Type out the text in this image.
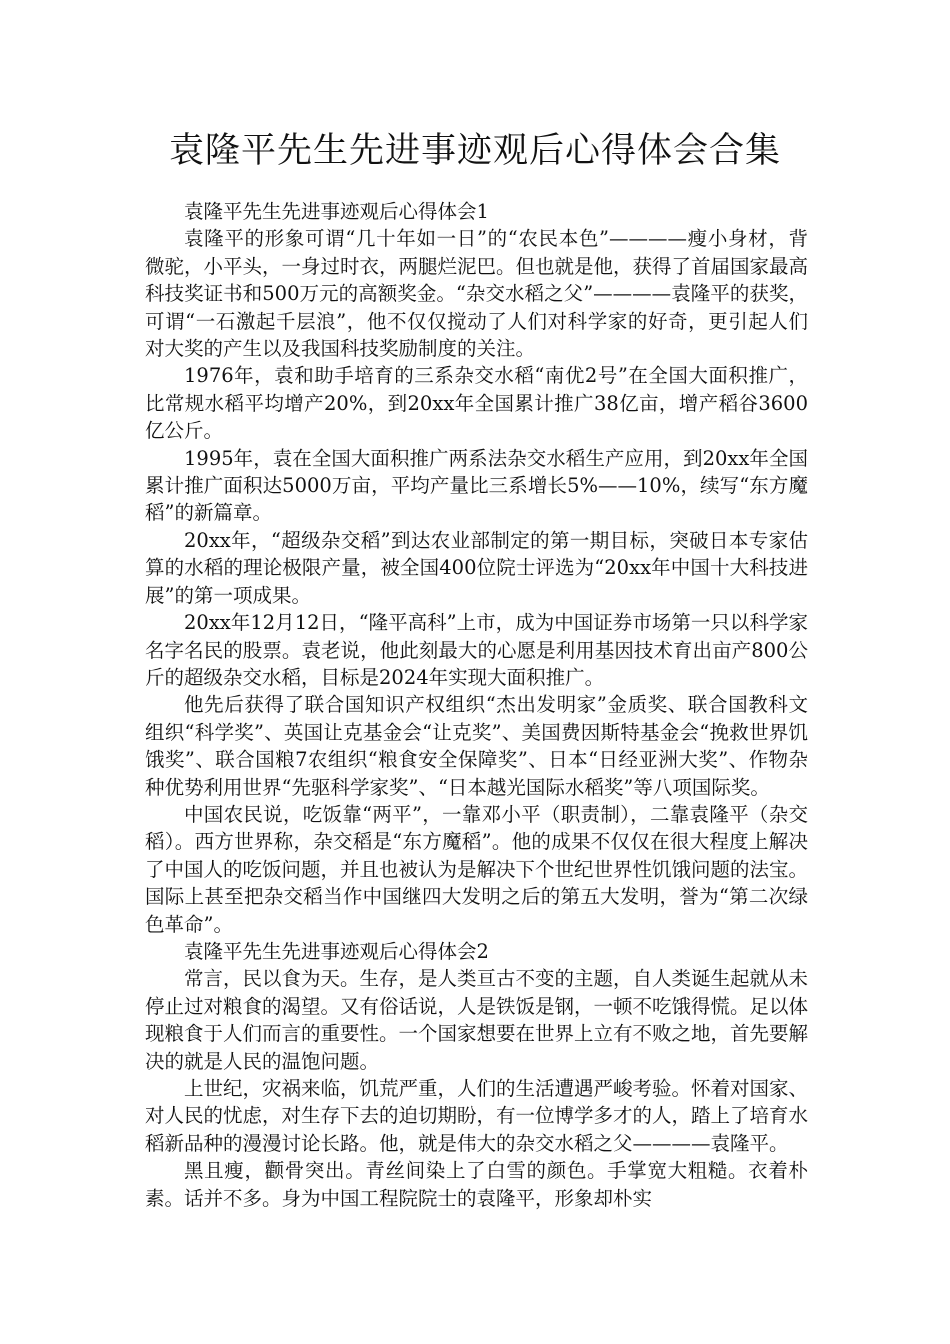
袁隆平先生先进事迹观后心得体会合集

袁隆平先生先进事迹观后心得体会1

袁隆平的形象可谓“几十年如一日”的“农民本色”————瘦小身材，背微驼，小平头，一身过时衣，两腿烂泥巴。但也就是他，获得了首届国家最高科技奖证书和500万元的高额奖金。“杂交水稻之父”————袁隆平的获奖，可谓“一石激起千层浪”，他不仅仅搅动了人们对科学家的好奇，更引起人们对大奖的产生以及我国科技奖励制度的关注。

1976年，袁和助手培育的三系杂交水稻“南优2号”在全国大面积推广，比常规水稻平均增产20%，到20xx年全国累计推广38亿亩，增产稻谷3600亿公斤。

1995年，袁在全国大面积推广两系法杂交水稻生产应用，到20xx年全国累计推广面积达5000万亩，平均产量比三系增长5%——10%，续写“东方魔稻”的新篇章。

20xx年，“超级杂交稻”到达农业部制定的第一期目标，突破日本专家估算的水稻的理论极限产量，被全国400位院士评选为“20xx年中国十大科技进展”的第一项成果。

20xx年12月12日，“隆平高科”上市，成为中国证券市场第一只以科学家名字名民的股票。袁老说，他此刻最大的心愿是利用基因技术育出亩产800公斤的超级杂交水稻，目标是2024年实现大面积推广。

他先后获得了联合国知识产权组织“杰出发明家”金质奖、联合国教科文组织“科学奖”、英国让克基金会“让克奖”、美国费因斯特基金会“挽救世界饥饿奖”、联合国粮7农组织“粮食安全保障奖”、日本“日经亚洲大奖”、作物杂种优势利用世界“先驱科学家奖”、“日本越光国际水稻奖”等八项国际奖。

中国农民说，吃饭靠“两平”，一靠邓小平（职责制），二靠袁隆平（杂交稻）。西方世界称，杂交稻是“东方魔稻”。他的成果不仅仅在很大程度上解决了中国人的吃饭问题，并且也被认为是解决下个世纪世界性饥饿问题的法宝。国际上甚至把杂交稻当作中国继四大发明之后的第五大发明，誉为“第二次绿色革命”。

袁隆平先生先进事迹观后心得体会2

常言，民以食为天。生存，是人类亘古不变的主题，自人类诞生起就从未停止过对粮食的渴望。又有俗话说，人是铁饭是钢，一顿不吃饿得慌。足以体现粮食于人们而言的重要性。一个国家想要在世界上立有不败之地，首先要解决的就是人民的温饱问题。

上世纪，灾祸来临，饥荒严重，人们的生活遭遇严峻考验。怀着对国家、对人民的忧虑，对生存下去的迫切期盼，有一位博学多才的人，踏上了培育水稻新品种的漫漫讨论长路。他，就是伟大的杂交水稻之父————袁隆平。

黑且瘦，颧骨突出。青丝间染上了白雪的颜色。手掌宽大粗糙。衣着朴素。话并不多。身为中国工程院院士的袁隆平，形象却朴实
